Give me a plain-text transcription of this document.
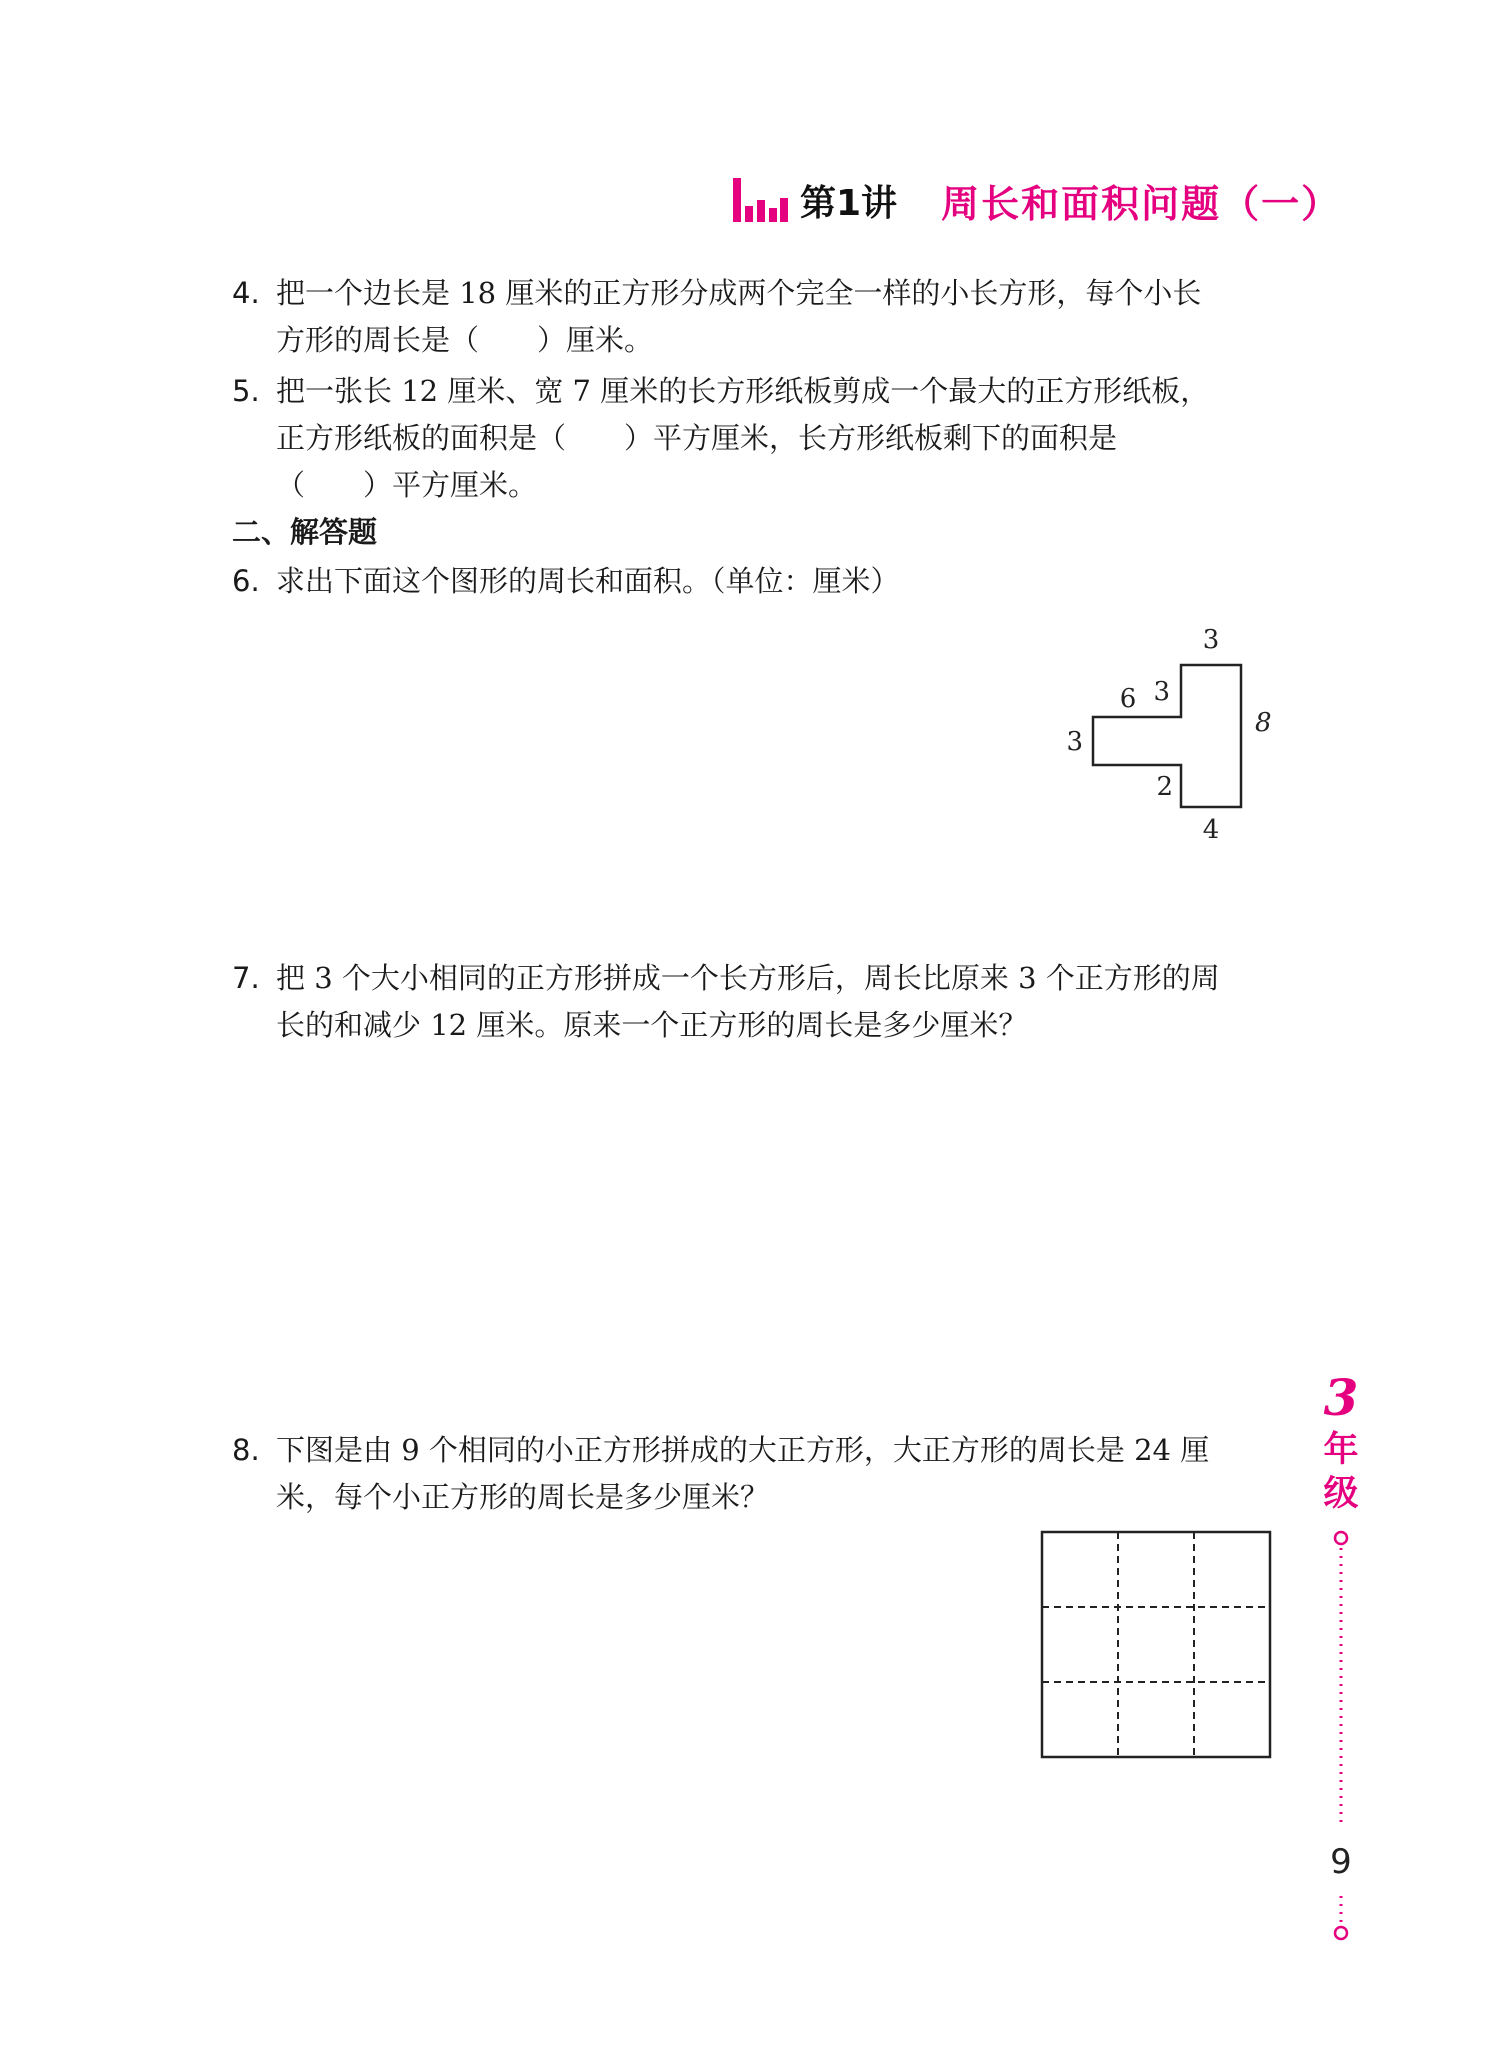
第1讲 周长和面积问题（一）
4. 把一个边长是 18 厘米的正方形分成两个完全一样的小长方形，每个小长

方形的周长是（　　）厘米。

5. 把一张长 12 厘米、宽 7 厘米的长方形纸板剪成一个最大的正方形纸板，

正方形纸板的面积是（　　）平方厘米，长方形纸板剩下的面积是

（　　）平方厘米。

二、解答题
6. 求出下面这个图形的周长和面积。（单位：厘米）

3
3
8
6
3
2
4
7. 把 3 个大小相同的正方形拼成一个长方形后，周长比原来 3 个正方形的周

长的和减少 12 厘米。原来一个正方形的周长是多少厘米？

8. 下图是由 9 个相同的小正方形拼成的大正方形，大正方形的周长是 24 厘

米，每个小正方形的周长是多少厘米？

3
年
级
9
